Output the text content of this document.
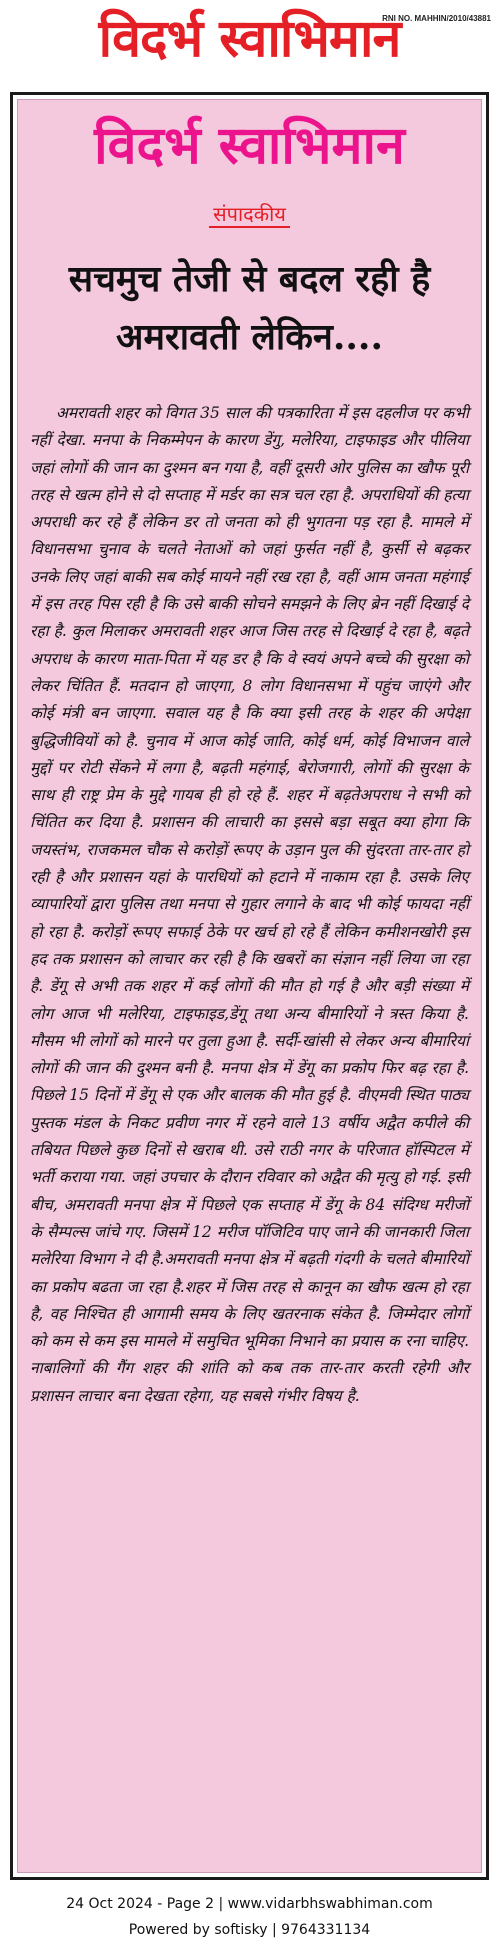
विदर्भ स्वाभिमान
RNI NO. MAHHIN/2010/43881
विदर्भ स्वाभिमान
संपादकीय
सचमुच तेजी से बदल रही है अमरावती लेकिन....
अमरावती शहर को विगत 35 साल की पत्रकारिता में इस दहलीज पर कभी नहीं देखा. मनपा के निकम्मेपन के कारण डेंगु, मलेरिया, टाइफाइड और पीलिया जहां लोगों की जान का दुश्मन बन गया है, वहीं दूसरी ओर पुलिस का खौफ पूरी तरह से खत्म होने से दो सप्ताह में मर्डर का सत्र चल रहा है. अपराधियों की हत्या अपराधी कर रहे हैं लेकिन डर तो जनता को ही भुगतना पड़ रहा है. मामले में विधानसभा चुनाव के चलते नेताओं को जहां फुर्सत नहीं है, कुर्सी से बढ़कर उनके लिए जहां बाकी सब कोई मायने नहीं रख रहा है, वहीं आम जनता महंगाई में इस तरह पिस रही है कि उसे बाकी सोचने समझने के लिए ब्रेन नहीं दिखाई दे रहा है. कुल मिलाकर अमरावती शहर आज जिस तरह से दिखाई दे रहा है, बढ़ते अपराध के कारण माता-पिता में यह डर है कि वे स्वयं अपने बच्चे की सुरक्षा को लेकर चिंतित हैं. मतदान हो जाएगा, 8 लोग विधानसभा में पहुंच जाएंगे और कोई मंत्री बन जाएगा. सवाल यह है कि क्या इसी तरह के शहर की अपेक्षा बुद्धिजीवियों को है. चुनाव में आज कोई जाति, कोई धर्म, कोई विभाजन वाले मुद्दों पर रोटी सेंकने में लगा है, बढ़ती महंगाई, बेरोजगारी, लोगों की सुरक्षा के साथ ही राष्ट्र प्रेम के मुद्दे गायब ही हो रहे हैं. शहर में बढ़तेअपराध ने सभी को चिंतित कर दिया है. प्रशासन की लाचारी का इससे बड़ा सबूत क्या होगा कि जयस्तंभ, राजकमल चौक से करोड़ों रूपए के उड़ान पुल की सुंदरता तार-तार हो रही है और प्रशासन यहां के पारधियों को हटाने में नाकाम रहा है. उसके लिए व्यापारियों द्वारा पुलिस तथा मनपा से गुहार लगाने के बाद भी कोई फायदा नहीं हो रहा है. करोड़ों रूपए सफाई ठेके पर खर्च हो रहे हैं लेकिन कमीशनखोरी इस हद तक प्रशासन को लाचार कर रही है कि खबरों का संज्ञान नहीं लिया जा रहा है. डेंगू से अभी तक शहर में कई लोगों की मौत हो गई है और बड़ी संख्या में लोग आज भी मलेरिया, टाइफाइड,डेंगू तथा अन्य बीमारियों ने त्रस्त किया है. मौसम भी लोगों को मारने पर तुला हुआ है. सर्दी-खांसी से लेकर अन्य बीमारियां लोगों की जान की दुश्मन बनी है. मनपा क्षेत्र में डेंगू का प्रकोप फिर बढ़ रहा है. पिछले 15 दिनों में डेंगू से एक और बालक की मौत हुई है. वीएमवी स्थित पाठ्य पुस्तक मंडल के निकट प्रवीण नगर में रहने वाले 13 वर्षीय अद्वैत कपीले की तबियत पिछले कुछ दिनों से खराब थी. उसे राठी नगर के परिजात हॉस्पिटल में भर्ती कराया गया. जहां उपचार के दौरान रविवार को अद्वैत की मृत्यु हो गई. इसी बीच, अमरावती मनपा क्षेत्र में पिछले एक सप्ताह में डेंगू के 84 संदिग्ध मरीजों के सैम्पल्स जांचे गए. जिसमें 12 मरीज पॉजिटिव पाए जाने की जानकारी जिला मलेरिया विभाग ने दी है.अमरावती मनपा क्षेत्र में बढ़ती गंदगी के चलते बीमारियों का प्रकोप बढता जा रहा है.शहर में जिस तरह से कानून का खौफ खत्म हो रहा है, वह निश्चित ही आगामी समय के लिए खतरनाक संकेत है. जिम्मेदार लोगों को कम से कम इस मामले में समुचित भूमिका निभाने का प्रयास क रना चाहिए. नाबालिगों की गैंग शहर की शांति को कब तक तार-तार करती रहेगी और प्रशासन लाचार बना देखता रहेगा, यह सबसे गंभीर विषय है.
24 Oct 2024 - Page 2 | www.vidarbhswabhiman.com
Powered by softisky | 9764331134
